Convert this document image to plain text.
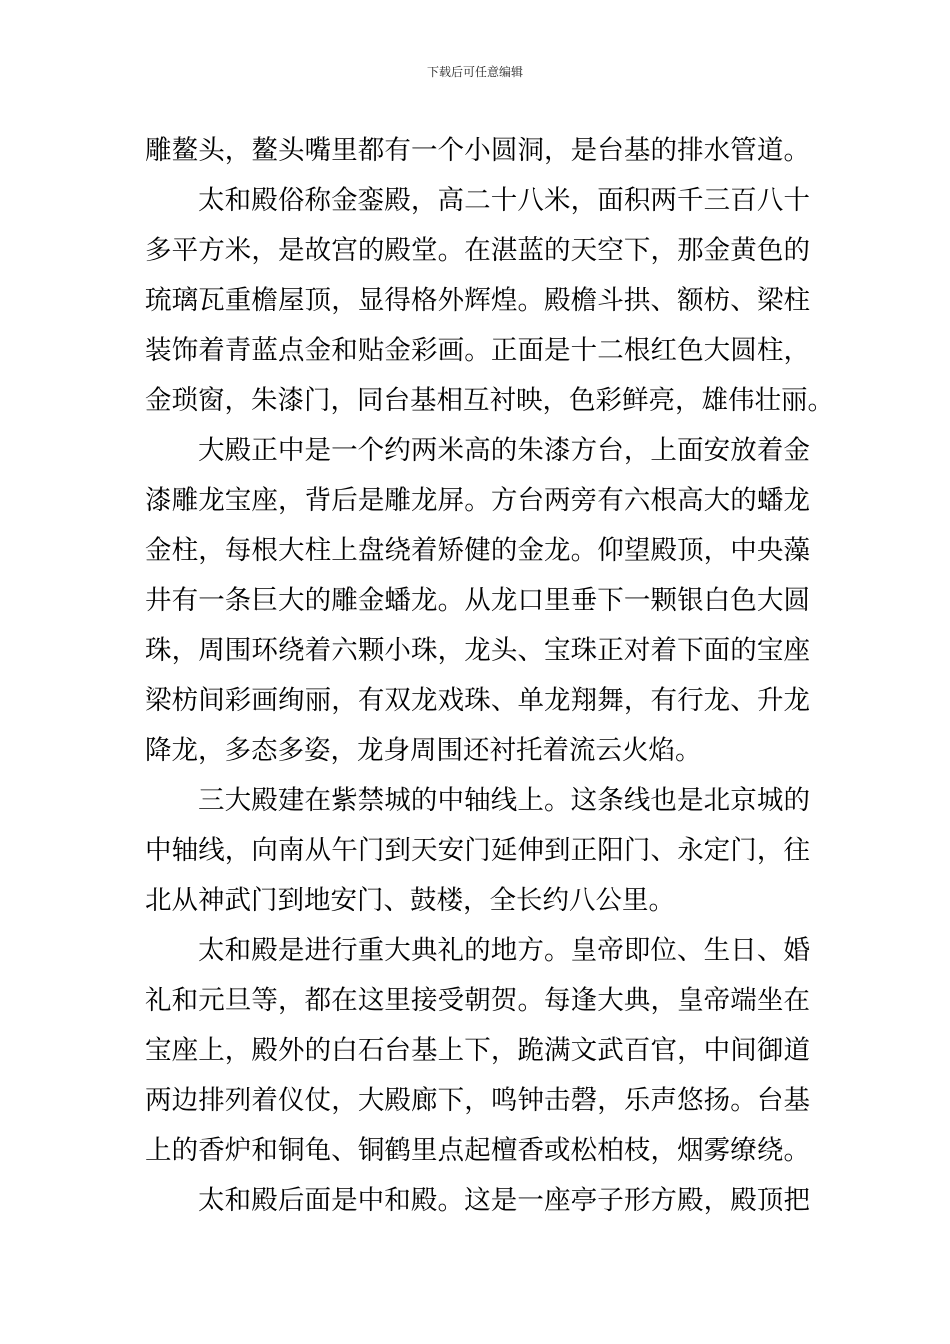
下载后可任意编辑
雕鳌头，鳌头嘴里都有一个小圆洞，是台基的排水管道。
太和殿俗称金銮殿，高二十八米，面积两千三百八十
多平方米，是故宫的殿堂。在湛蓝的天空下，那金黄色的
琉璃瓦重檐屋顶，显得格外辉煌。殿檐斗拱、额枋、梁柱
装饰着青蓝点金和贴金彩画。正面是十二根红色大圆柱，
金琐窗，朱漆门，同台基相互衬映，色彩鲜亮，雄伟壮丽。
大殿正中是一个约两米高的朱漆方台，上面安放着金
漆雕龙宝座，背后是雕龙屏。方台两旁有六根高大的蟠龙
金柱，每根大柱上盘绕着矫健的金龙。仰望殿顶，中央藻
井有一条巨大的雕金蟠龙。从龙口里垂下一颗银白色大圆
珠，周围环绕着六颗小珠，龙头、宝珠正对着下面的宝座
梁枋间彩画绚丽，有双龙戏珠、单龙翔舞，有行龙、升龙
降龙，多态多姿，龙身周围还衬托着流云火焰。
三大殿建在紫禁城的中轴线上。这条线也是北京城的
中轴线，向南从午门到天安门延伸到正阳门、永定门，往
北从神武门到地安门、鼓楼，全长约八公里。
太和殿是进行重大典礼的地方。皇帝即位、生日、婚
礼和元旦等，都在这里接受朝贺。每逢大典，皇帝端坐在
宝座上，殿外的白石台基上下，跪满文武百官，中间御道
两边排列着仪仗，大殿廊下，鸣钟击磬，乐声悠扬。台基
上的香炉和铜龟、铜鹤里点起檀香或松柏枝，烟雾缭绕。
太和殿后面是中和殿。这是一座亭子形方殿，殿顶把
